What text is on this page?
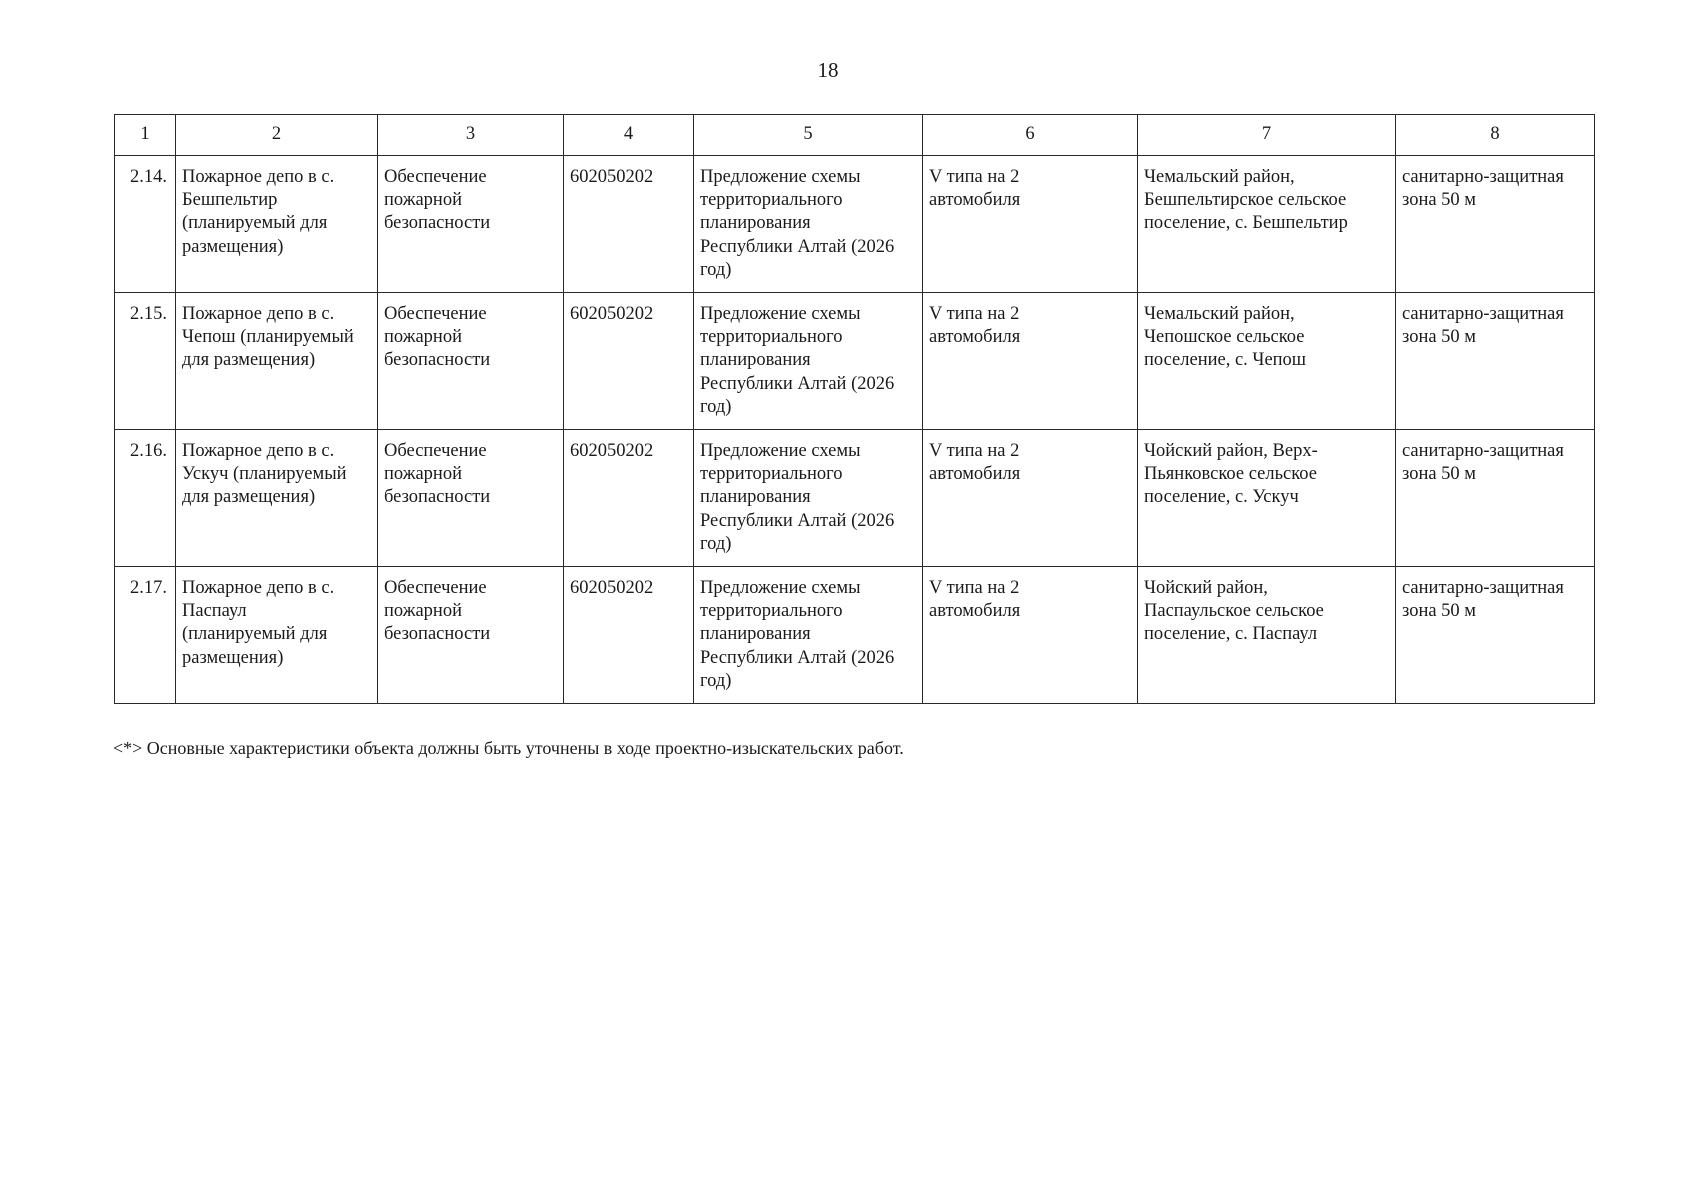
18
1	2	3	4	5	6	7	8
2.14.	Пожарное депо в с.
Бешпельтир
(планируемый для
размещения)	Обеспечение
пожарной
безопасности	602050202	Предложение схемы
территориального
планирования
Республики Алтай (2026
год)	V типа на 2
автомобиля	Чемальский район,
Бешпельтирское сельское
поселение, с. Бешпельтир	санитарно-защитная
зона 50 м
2.15.	Пожарное депо в с.
Чепош (планируемый
для размещения)	Обеспечение
пожарной
безопасности	602050202	Предложение схемы
территориального
планирования
Республики Алтай (2026
год)	V типа на 2
автомобиля	Чемальский район,
Чепошское сельское
поселение, с. Чепош	санитарно-защитная
зона 50 м
2.16.	Пожарное депо в с.
Ускуч (планируемый
для размещения)	Обеспечение
пожарной
безопасности	602050202	Предложение схемы
территориального
планирования
Республики Алтай (2026
год)	V типа на 2
автомобиля	Чойский район, Верх-
Пьянковское сельское
поселение, с. Ускуч	санитарно-защитная
зона 50 м
2.17.	Пожарное депо в с.
Паспаул
(планируемый для
размещения)	Обеспечение
пожарной
безопасности	602050202	Предложение схемы
территориального
планирования
Республики Алтай (2026
год)	V типа на 2
автомобиля	Чойский район,
Паспаульское сельское
поселение, с. Паспаул	санитарно-защитная
зона 50 м
<*> Основные характеристики объекта должны быть уточнены в ходе проектно-изыскательских работ.
